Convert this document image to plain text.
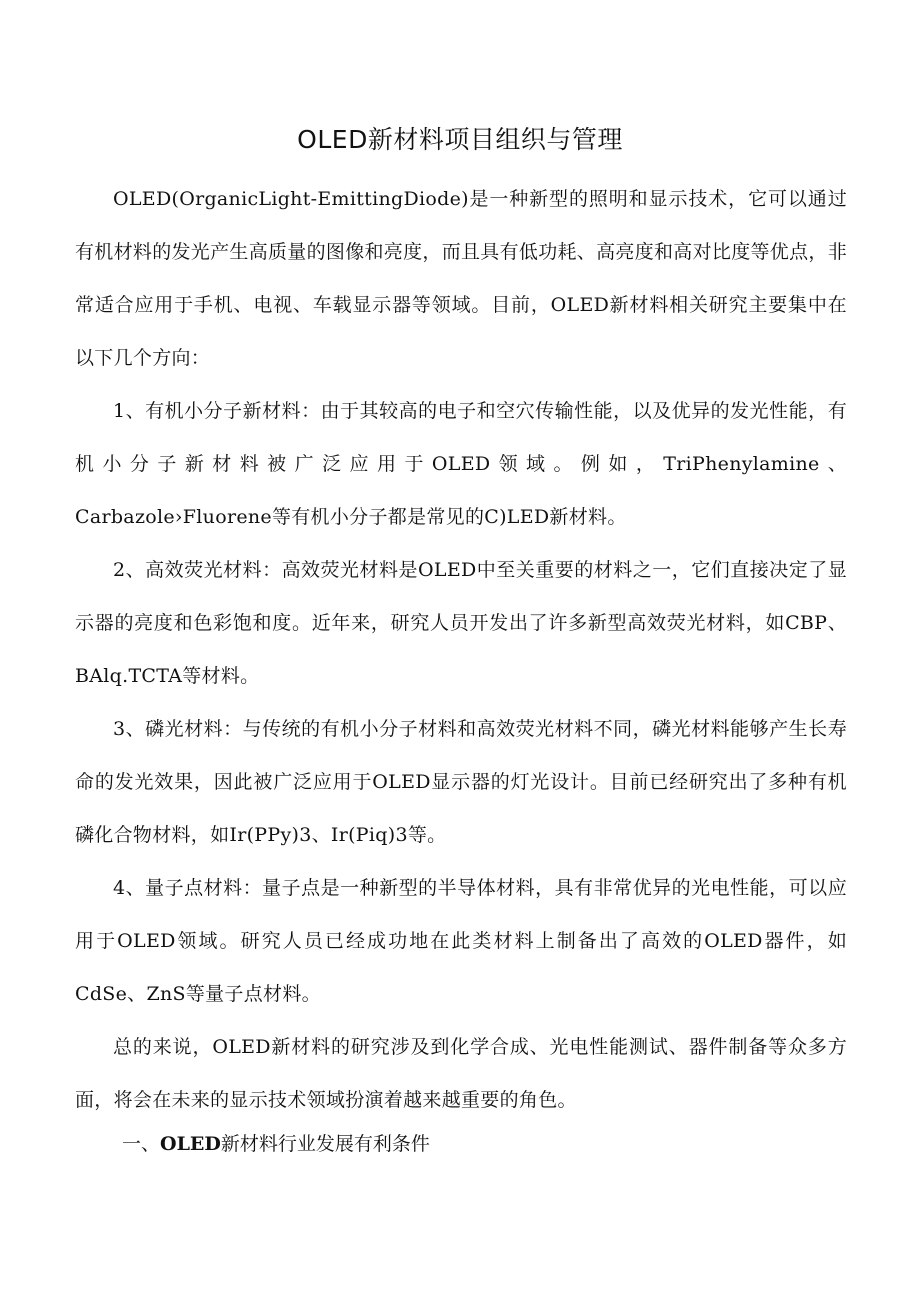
OLED新材料项目组织与管理

OLED(OrganicLight-EmittingDiode)是一种新型的照明和显示技术，它可以通过有机材料的发光产生高质量的图像和亮度，而且具有低功耗、高亮度和高对比度等优点，非常适合应用于手机、电视、车载显示器等领域。目前，OLED新材料相关研究主要集中在以下几个方向：

1、有机小分子新材料：由于其较高的电子和空穴传输性能，以及优异的发光性能，有机小分子新材料被广泛应用于OLED领域。例如，TriPhenylamine、Carbazole›Fluorene等有机小分子都是常见的C)LED新材料。

2、高效荧光材料：高效荧光材料是OLED中至关重要的材料之一，它们直接决定了显示器的亮度和色彩饱和度。近年来，研究人员开发出了许多新型高效荧光材料，如CBP、BAlq.TCTA等材料。

3、磷光材料：与传统的有机小分子材料和高效荧光材料不同，磷光材料能够产生长寿命的发光效果，因此被广泛应用于OLED显示器的灯光设计。目前已经研究出了多种有机磷化合物材料，如Ir(PPy)3、Ir(Piq)3等。

4、量子点材料：量子点是一种新型的半导体材料，具有非常优异的光电性能，可以应用于OLED领域。研究人员已经成功地在此类材料上制备出了高效的OLED器件，如CdSe、ZnS等量子点材料。

总的来说，OLED新材料的研究涉及到化学合成、光电性能测试、器件制备等众多方面，将会在未来的显示技术领域扮演着越来越重要的角色。

一、OLED新材料行业发展有利条件
